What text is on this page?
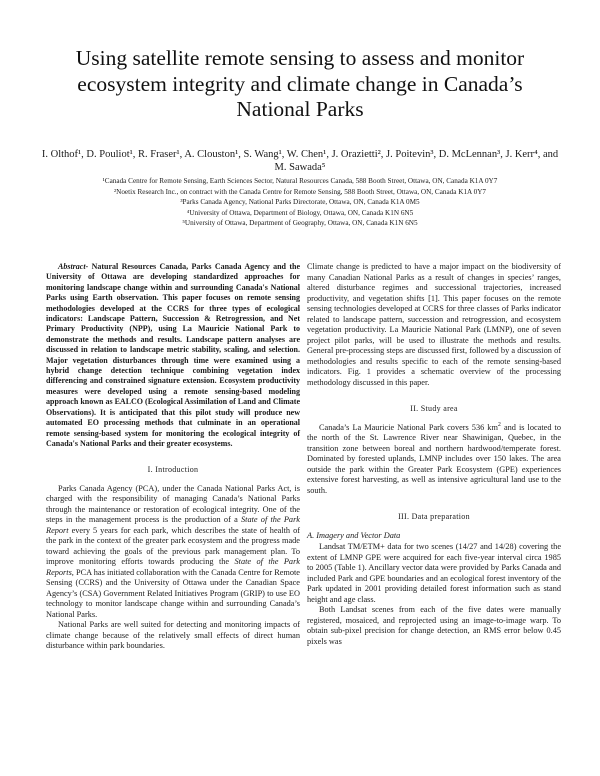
Using satellite remote sensing to assess and monitor ecosystem integrity and climate change in Canada’s National Parks
I. Olthof¹, D. Pouliot¹, R. Fraser¹, A. Clouston¹, S. Wang¹, W. Chen¹, J. Orazietti², J. Poitevin³, D. McLennan³, J. Kerr⁴, and M. Sawada⁵
¹Canada Centre for Remote Sensing, Earth Sciences Sector, Natural Resources Canada, 588 Booth Street, Ottawa, ON, Canada K1A 0Y7
²Noetix Research Inc., on contract with the Canada Centre for Remote Sensing, 588 Booth Street, Ottawa, ON, Canada K1A 0Y7
³Parks Canada Agency, National Parks Directorate, Ottawa, ON, Canada K1A 0M5
⁴University of Ottawa, Department of Biology, Ottawa, ON, Canada K1N 6N5
⁵University of Ottawa, Department of Geography, Ottawa, ON, Canada K1N 6N5

Abstract- Natural Resources Canada, Parks Canada Agency and the University of Ottawa are developing standardized approaches for monitoring landscape change within and surrounding Canada's National Parks using Earth observation. This paper focuses on remote sensing methodologies developed at the CCRS for three types of ecological indicators: Landscape Pattern, Succession & Retrogression, and Net Primary Productivity (NPP), using La Mauricie National Park to demonstrate the methods and results. Landscape pattern analyses are discussed in relation to landscape metric stability, scaling, and selection. Major vegetation disturbances through time were examined using a hybrid change detection technique combining vegetation index differencing and constrained signature extension. Ecosystem productivity measures were developed using a remote sensing-based modeling approach known as EALCO (Ecological Assimilation of Land and Climate Observations). It is anticipated that this pilot study will produce new automated EO processing methods that culminate in an operational remote sensing-based system for monitoring the ecological integrity of Canada's National Parks and their greater ecosystems.

I. Introduction

Parks Canada Agency (PCA), under the Canada National Parks Act, is charged with the responsibility of managing Canada’s National Parks through the maintenance or restoration of ecological integrity. One of the steps in the management process is the production of a State of the Park Report every 5 years for each park, which describes the state of health of the park in the context of the greater park ecosystem and the progress made toward achieving the goals of the previous park management plan. To improve monitoring efforts towards producing the State of the Park Reports, PCA has initiated collaboration with the Canada Centre for Remote Sensing (CCRS) and the University of Ottawa under the Canadian Space Agency’s (CSA) Government Related Initiatives Program (GRIP) to use EO technology to monitor landscape change within and surrounding Canada’s National Parks.

National Parks are well suited for detecting and monitoring impacts of climate change because of the relatively small effects of direct human disturbance within park boundaries.

Climate change is predicted to have a major impact on the biodiversity of many Canadian National Parks as a result of changes in species’ ranges, altered disturbance regimes and successional trajectories, increased productivity, and vegetation shifts [1]. This paper focuses on the remote sensing technologies developed at CCRS for three classes of Parks indicator related to landscape pattern, succession and retrogression, and ecosystem vegetation productivity. La Mauricie National Park (LMNP), one of seven project pilot parks, will be used to illustrate the methods and results. General pre-processing steps are discussed first, followed by a discussion of methodologies and results specific to each of the remote sensing-based indicators. Fig. 1 provides a schematic overview of the processing methodology discussed in this paper.

II. Study area

Canada’s La Mauricie National Park covers 536 $km^2$ and is located to the north of the St. Lawrence River near Shawinigan, Quebec, in the transition zone between boreal and northern hardwood/temperate forest. Dominated by forested uplands, LMNP includes over 150 lakes. The area outside the park within the Greater Park Ecosystem (GPE) experiences extensive forest harvesting, as well as intensive agricultural land use to the south.

III. Data preparation
A. Imagery and Vector Data

Landsat TM/ETM+ data for two scenes (14/27 and 14/28) covering the extent of LMNP GPE were acquired for each five-year interval circa 1985 to 2005 (Table 1). Ancillary vector data were provided by Parks Canada and included Park and GPE boundaries and an ecological forest inventory of the Park updated in 2001 providing detailed forest information such as stand height and age class.

Both Landsat scenes from each of the five dates were manually registered, mosaiced, and reprojected using an image-to-image warp. To obtain sub-pixel precision for change detection, an RMS error below 0.45 pixels was
